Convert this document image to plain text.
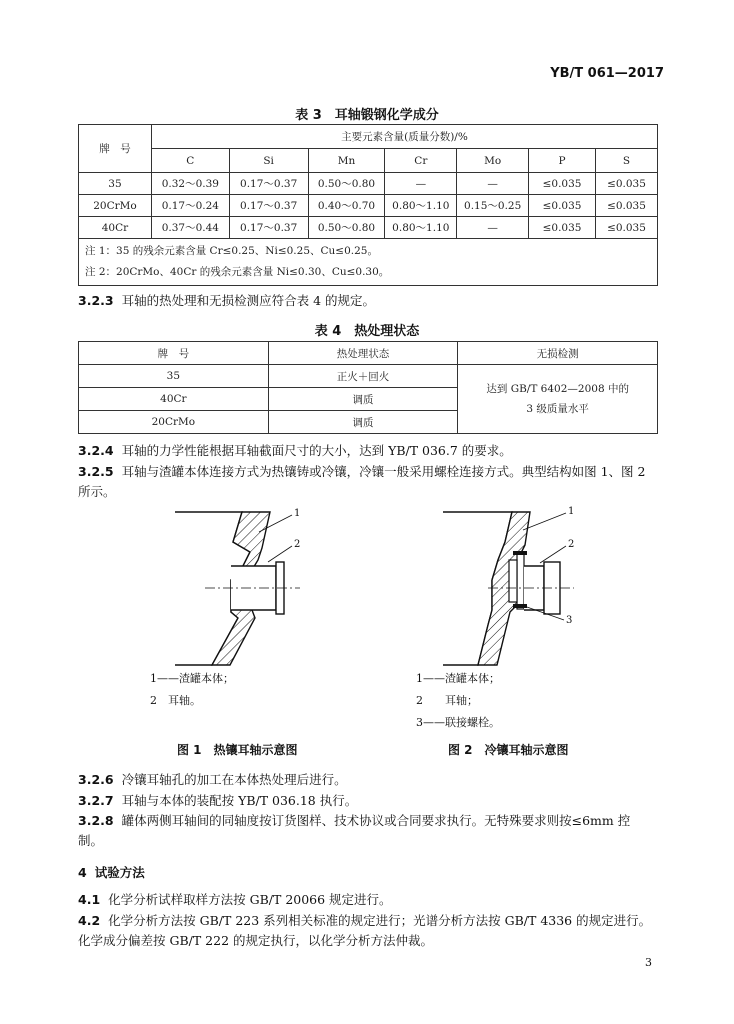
YB/T 061—2017
表 3　耳轴锻钢化学成分
牌　号	主要元素含量(质量分数)/%						
	C	Si	Mn	Cr	Mo	P	S
35	0.32～0.39	0.17～0.37	0.50～0.80	—	—	≤0.035	≤0.035
20CrMo	0.17～0.24	0.17～0.37	0.40～0.70	0.80～1.10	0.15～0.25	≤0.035	≤0.035
40Cr	0.37～0.44	0.17～0.37	0.50～0.80	0.80～1.10	—	≤0.035	≤0.035

注 1：35 的残余元素含量 Cr≤0.25、Ni≤0.25、Cu≤0.25。
注 2：20CrMo、40Cr 的残余元素含量 Ni≤0.30、Cu≤0.30。							
3.2.3 耳轴的热处理和无损检测应符合表 4 的规定。
表 4　热处理状态
牌　号	热处理状态	无损检测
35	正火＋回火	达到 GB/T 6402—2008 中的
3 级质量水平

40Cr	调质	
20CrMo	调质	
3.2.4 耳轴的力学性能根据耳轴截面尺寸的大小，达到 YB/T 036.7 的要求。
3.2.5 耳轴与渣罐本体连接方式为热镶铸或冷镶，冷镶一般采用螺栓连接方式。典型结构如图 1、图 2
所示。
1
2
1
2
3
1——渣罐本体；
2　耳轴。
1——渣罐本体；
2　　耳轴；
3——联接螺栓。
图 1　热镶耳轴示意图	图 2　冷镶耳轴示意图
3.2.6 冷镶耳轴孔的加工在本体热处理后进行。
3.2.7 耳轴与本体的装配按 YB/T 036.18 执行。
3.2.8 罐体两侧耳轴间的同轴度按订货图样、技术协议或合同要求执行。无特殊要求则按≤6mm 控
制。
4 试验方法
4.1 化学分析试样取样方法按 GB/T 20066 规定进行。
4.2 化学分析方法按 GB/T 223 系列相关标准的规定进行；光谱分析方法按 GB/T 4336 的规定进行。
化学成分偏差按 GB/T 222 的规定执行，以化学分析方法仲裁。
3
